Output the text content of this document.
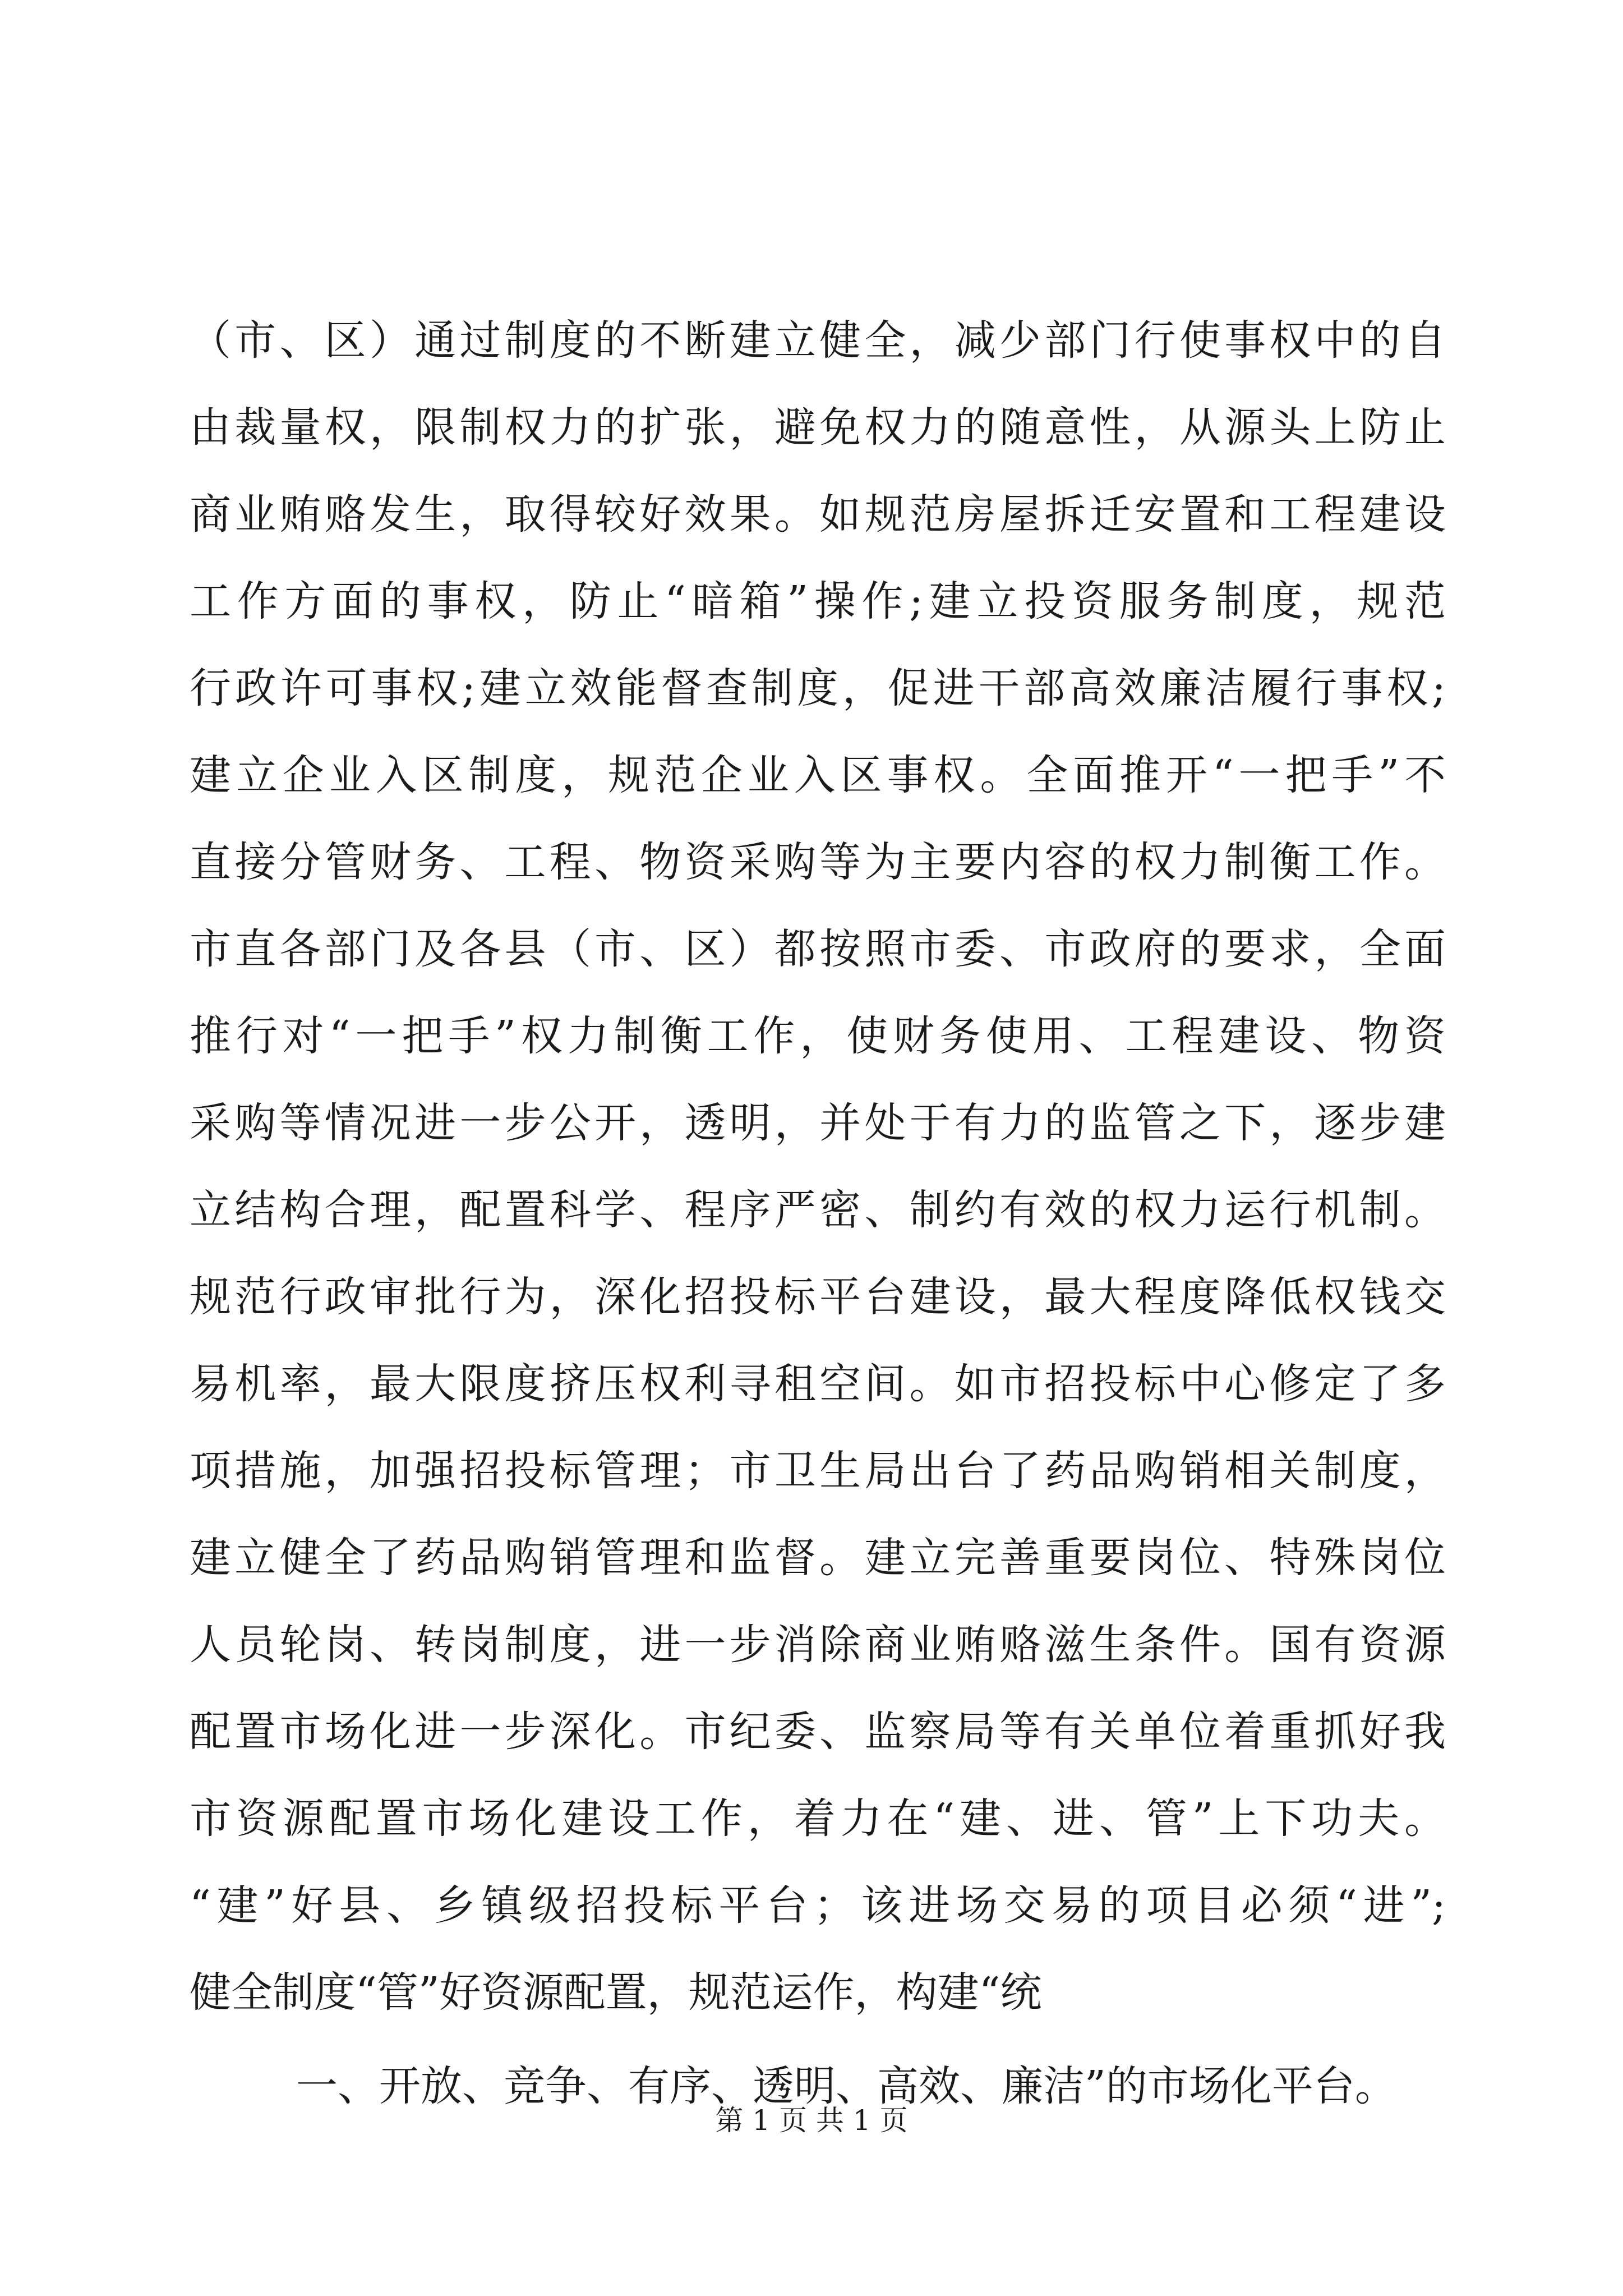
（市、区）通过制度的不断建立健全，减少部门行使事权中的自
由裁量权，限制权力的扩张，避免权力的随意性，从源头上防止
商业贿赂发生，取得较好效果。如规范房屋拆迁安置和工程建设
工作方面的事权，防止“暗箱”操作;建立投资服务制度，规范
行政许可事权;建立效能督查制度，促进干部高效廉洁履行事权;
建立企业入区制度，规范企业入区事权。全面推开“一把手”不
直接分管财务、工程、物资采购等为主要内容的权力制衡工作。
市直各部门及各县（市、区）都按照市委、市政府的要求，全面
推行对“一把手”权力制衡工作，使财务使用、工程建设、物资
采购等情况进一步公开，透明，并处于有力的监管之下，逐步建
立结构合理，配置科学、程序严密、制约有效的权力运行机制。
规范行政审批行为，深化招投标平台建设，最大程度降低权钱交
易机率，最大限度挤压权利寻租空间。如市招投标中心修定了多
项措施，加强招投标管理；市卫生局出台了药品购销相关制度，
建立健全了药品购销管理和监督。建立完善重要岗位、特殊岗位
人员轮岗、转岗制度，进一步消除商业贿赂滋生条件。国有资源
配置市场化进一步深化。市纪委、监察局等有关单位着重抓好我
市资源配置市场化建设工作，着力在“建、进、管”上下功夫。
“建”好县、乡镇级招投标平台；该进场交易的项目必须“进”;
健全制度“管”好资源配置，规范运作，构建“统
一、开放、竞争、有序、透明、高效、廉洁”的市场化平台。
第 1 页 共 1 页
